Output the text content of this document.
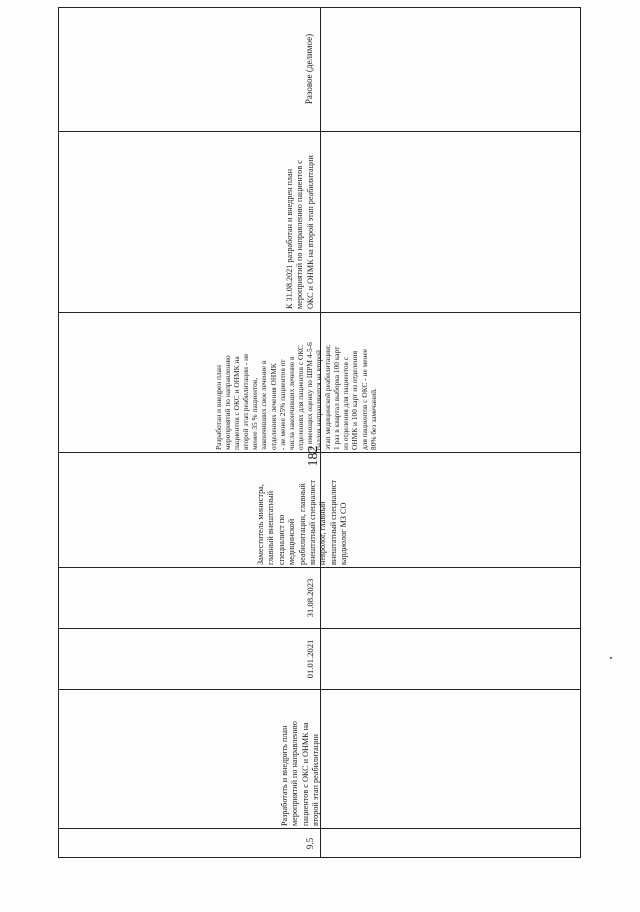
182
Разовое (делимое)
К 31.08.2021 разработан и внедрен план
мероприятий по направлению пациентов с
ОКС и ОНМК на второй этап реабилитации
Разработан и внедрен план
мероприятий по направлению
пациентов с ОКС и ОНМК на
второй этап реабилитации - не
менее 35 % пациентов,
закончивших свое лечение в
отделениях лечения ОНМК
- не менее 25% пациентов от
числа закончивших лечение в
отделениях для пациентов с ОКС
и имеющих оценку по ШРМ 4-5-6
баллов направляются на второй
этап медицинской реабилитации;
1 раз в квартал выборка 100 карт
из отделения для пациентов с
ОНМК и 100 карт из отделения
для пациентов с ОКС - не менее
80% без замечаний.
Заместитель министра,
главный внештатный
специалист по
медицинской
реабилитации, главный
внештатный специалист
невролог, главный
внештатный специалист
кардиолог МЗ СО
31.08.2023
01.01.2021
Разработать и внедрить план
мероприятий по направлению
пациентов с ОКС и ОНМК на
второй этап реабилитации
9.5
